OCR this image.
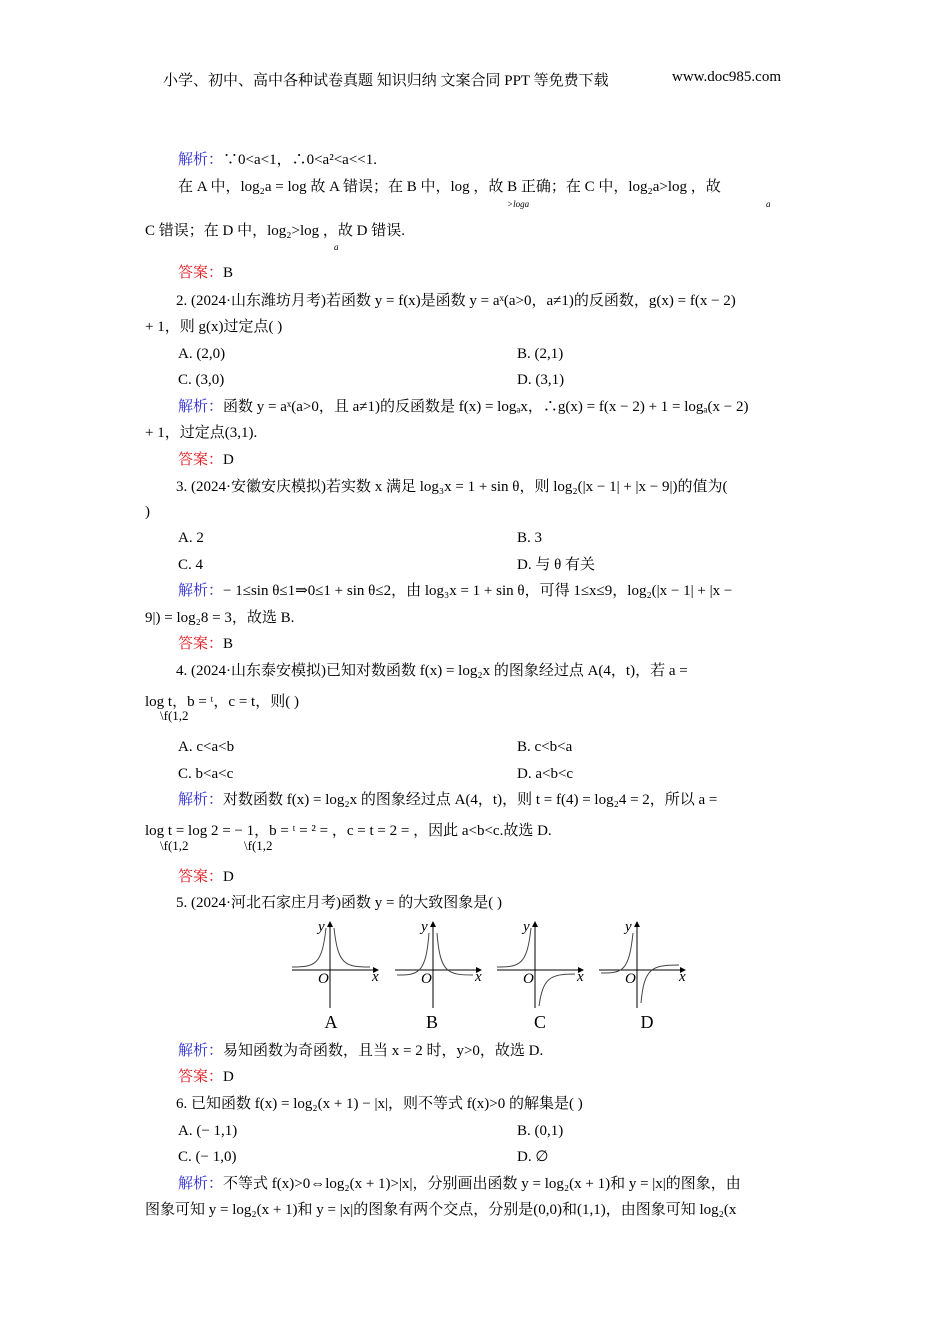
小学、初中、高中各种试卷真题 知识归纳 文案合同 PPT 等免费下载	www.doc985.com
解析：∵0<a<1，∴0<a²<a<<1.
在 A 中，log₂a = log 故 A 错误；在 B 中，log ，故 B 正确；在 C 中，log₂a>log ，故
>loga	a
C 错误；在 D 中，log₂>log ，故 D 错误.
a
答案：B
2. (2024·山东潍坊月考)若函数 y = f(x)是函数 y = aˣ(a>0，a≠1)的反函数，g(x) = f(x − 2)
+ 1，则 g(x)过定点( )
A. (2,0)	B. (2,1)
C. (3,0)	D. (3,1)
解析：函数 y = aˣ(a>0，且 a≠1)的反函数是 f(x) = logₐx，∴g(x) = f(x − 2) + 1 = logₐ(x − 2)
+ 1，过定点(3,1).
答案：D
3. (2024·安徽安庆模拟)若实数 x 满足 log₃x = 1 + sin θ，则 log₂(|x − 1| + |x − 9|)的值为(
)
A. 2	B. 3
C. 4	D. 与 θ 有关
解析：− 1≤sin θ≤1⇒0≤1 + sin θ≤2，由 log₃x = 1 + sin θ，可得 1≤x≤9，log₂(|x − 1| + |x −
9|) = log₂8 = 3，故选 B.
答案：B
4. (2024·山东泰安模拟)已知对数函数 f(x) = log₂x 的图象经过点 A(4，t)，若 a =
log t，b = ᵗ，c = t，则( )
\f(1,2
A. c<a<b	B. c<b<a
C. b<a<c	D. a<b<c
解析：对数函数 f(x) = log₂x 的图象经过点 A(4，t)，则 t = f(4) = log₂4 = 2，所以 a =
log t = log 2 = − 1，b = ᵗ = ² = ，c = t = 2 = ，因此 a<b<c.故选 D.
\f(1,2	\f(1,2
答案：D
5. (2024·河北石家庄月考)函数 y = 的大致图象是( )
y
x
O
y
x
O
y
x
O
y
x
O
A	B	C	D
解析：易知函数为奇函数，且当 x = 2 时，y>0，故选 D.
答案：D
6. 已知函数 f(x) = log₂(x + 1) − |x|，则不等式 f(x)>0 的解集是( )
A. (− 1,1)	B. (0,1)
C. (− 1,0)	D. ∅
解析：不等式 f(x)>0⇔log₂(x + 1)>|x|，分别画出函数 y = log₂(x + 1)和 y = |x|的图象，由
图象可知 y = log₂(x + 1)和 y = |x|的图象有两个交点，分别是(0,0)和(1,1)，由图象可知 log₂(x
